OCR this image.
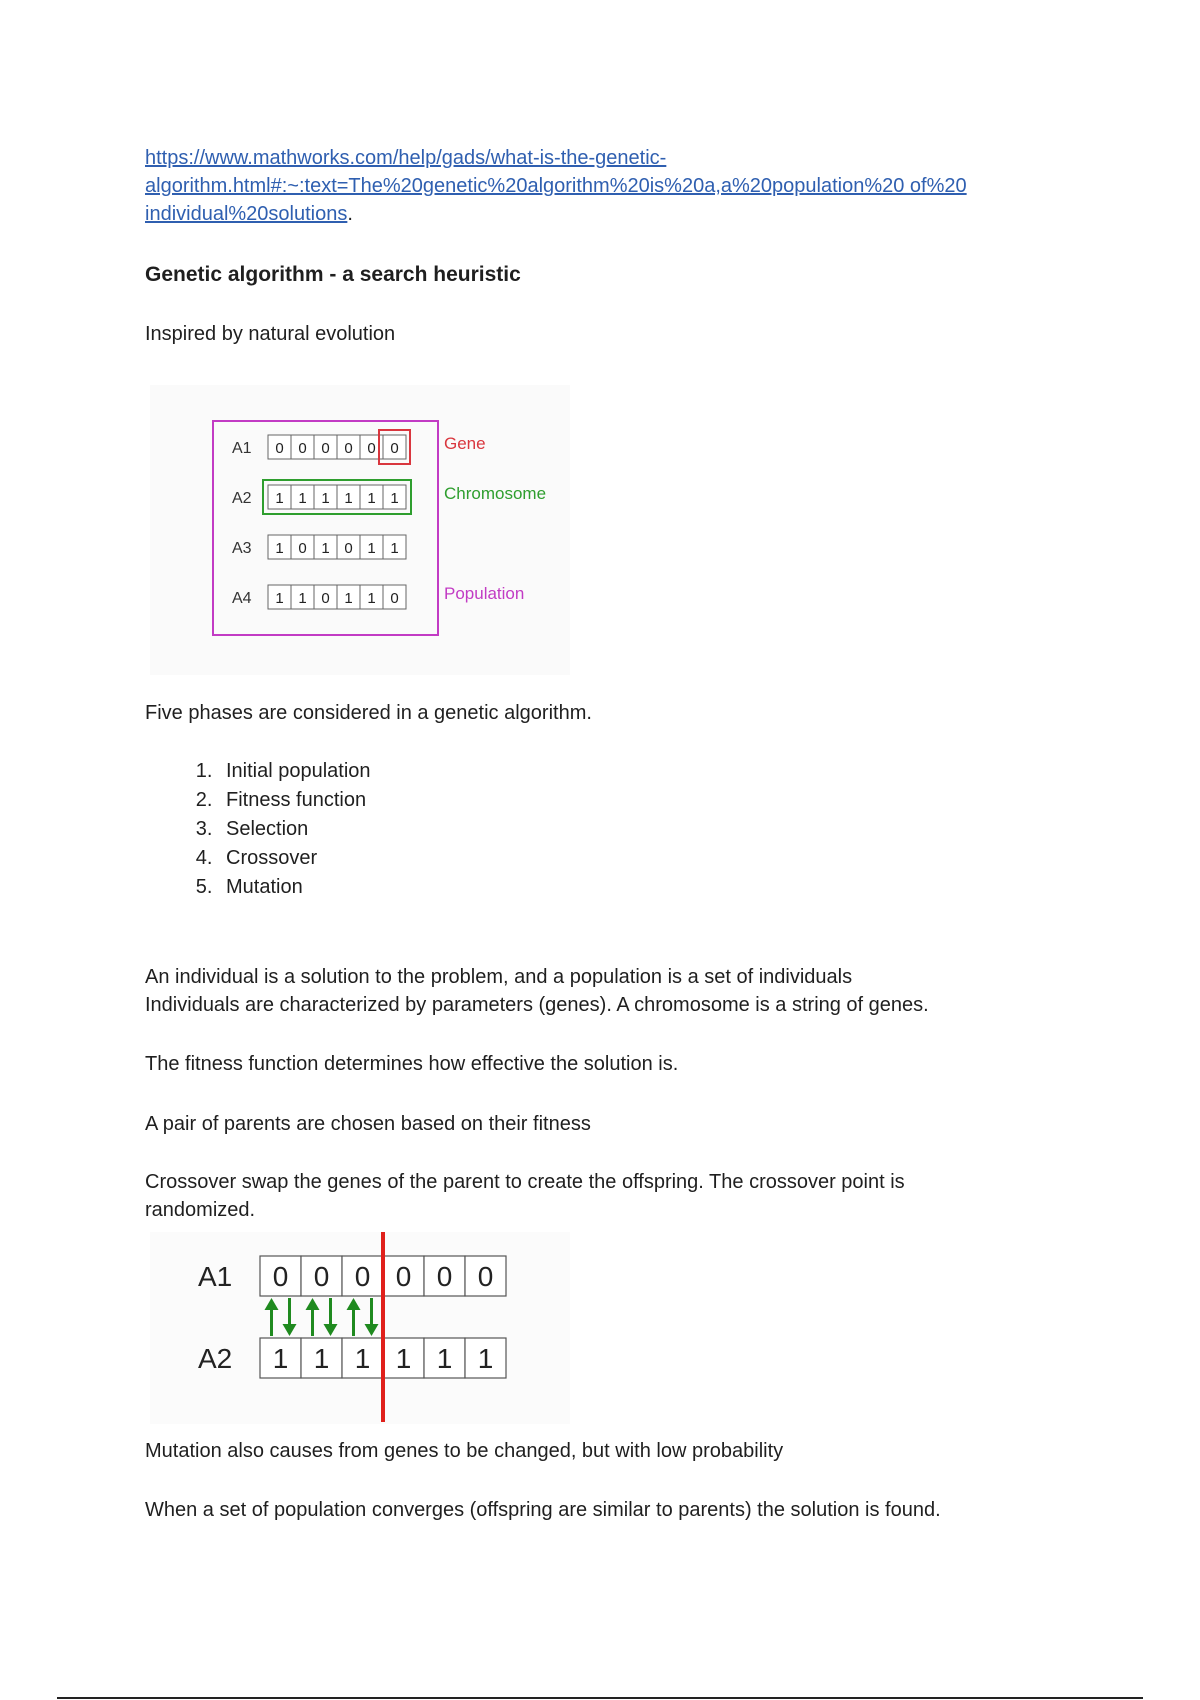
https://www.mathworks.com/help/gads/what-is-the-genetic-algorithm.html#:~:text=The%20genetic%20algorithm%20is%20a,a%20population%20 of%20 individual%20solutions.
Genetic algorithm - a search heuristic
Inspired by natural evolution
A1 0 0 0 0 0 0
A2 1 1 1 1 1 1
A3 1 0 1 0 1 1
A4 1 1 0 1 1 0
Gene
Chromosome
Population
Five phases are considered in a genetic algorithm.
1. Initial population
2. Fitness function
3. Selection
4. Crossover
5. Mutation
An individual is a solution to the problem, and a population is a set of individuals
Individuals are characterized by parameters (genes). A chromosome is a string of genes.
The fitness function determines how effective the solution is.
A pair of parents are chosen based on their fitness
Crossover swap the genes of the parent to create the offspring. The crossover point is randomized.
A1 0 0 0 0 0 0
A2 1 1 1 1 1 1
Mutation also causes from genes to be changed, but with low probability
When a set of population converges (offspring are similar to parents) the solution is found.
